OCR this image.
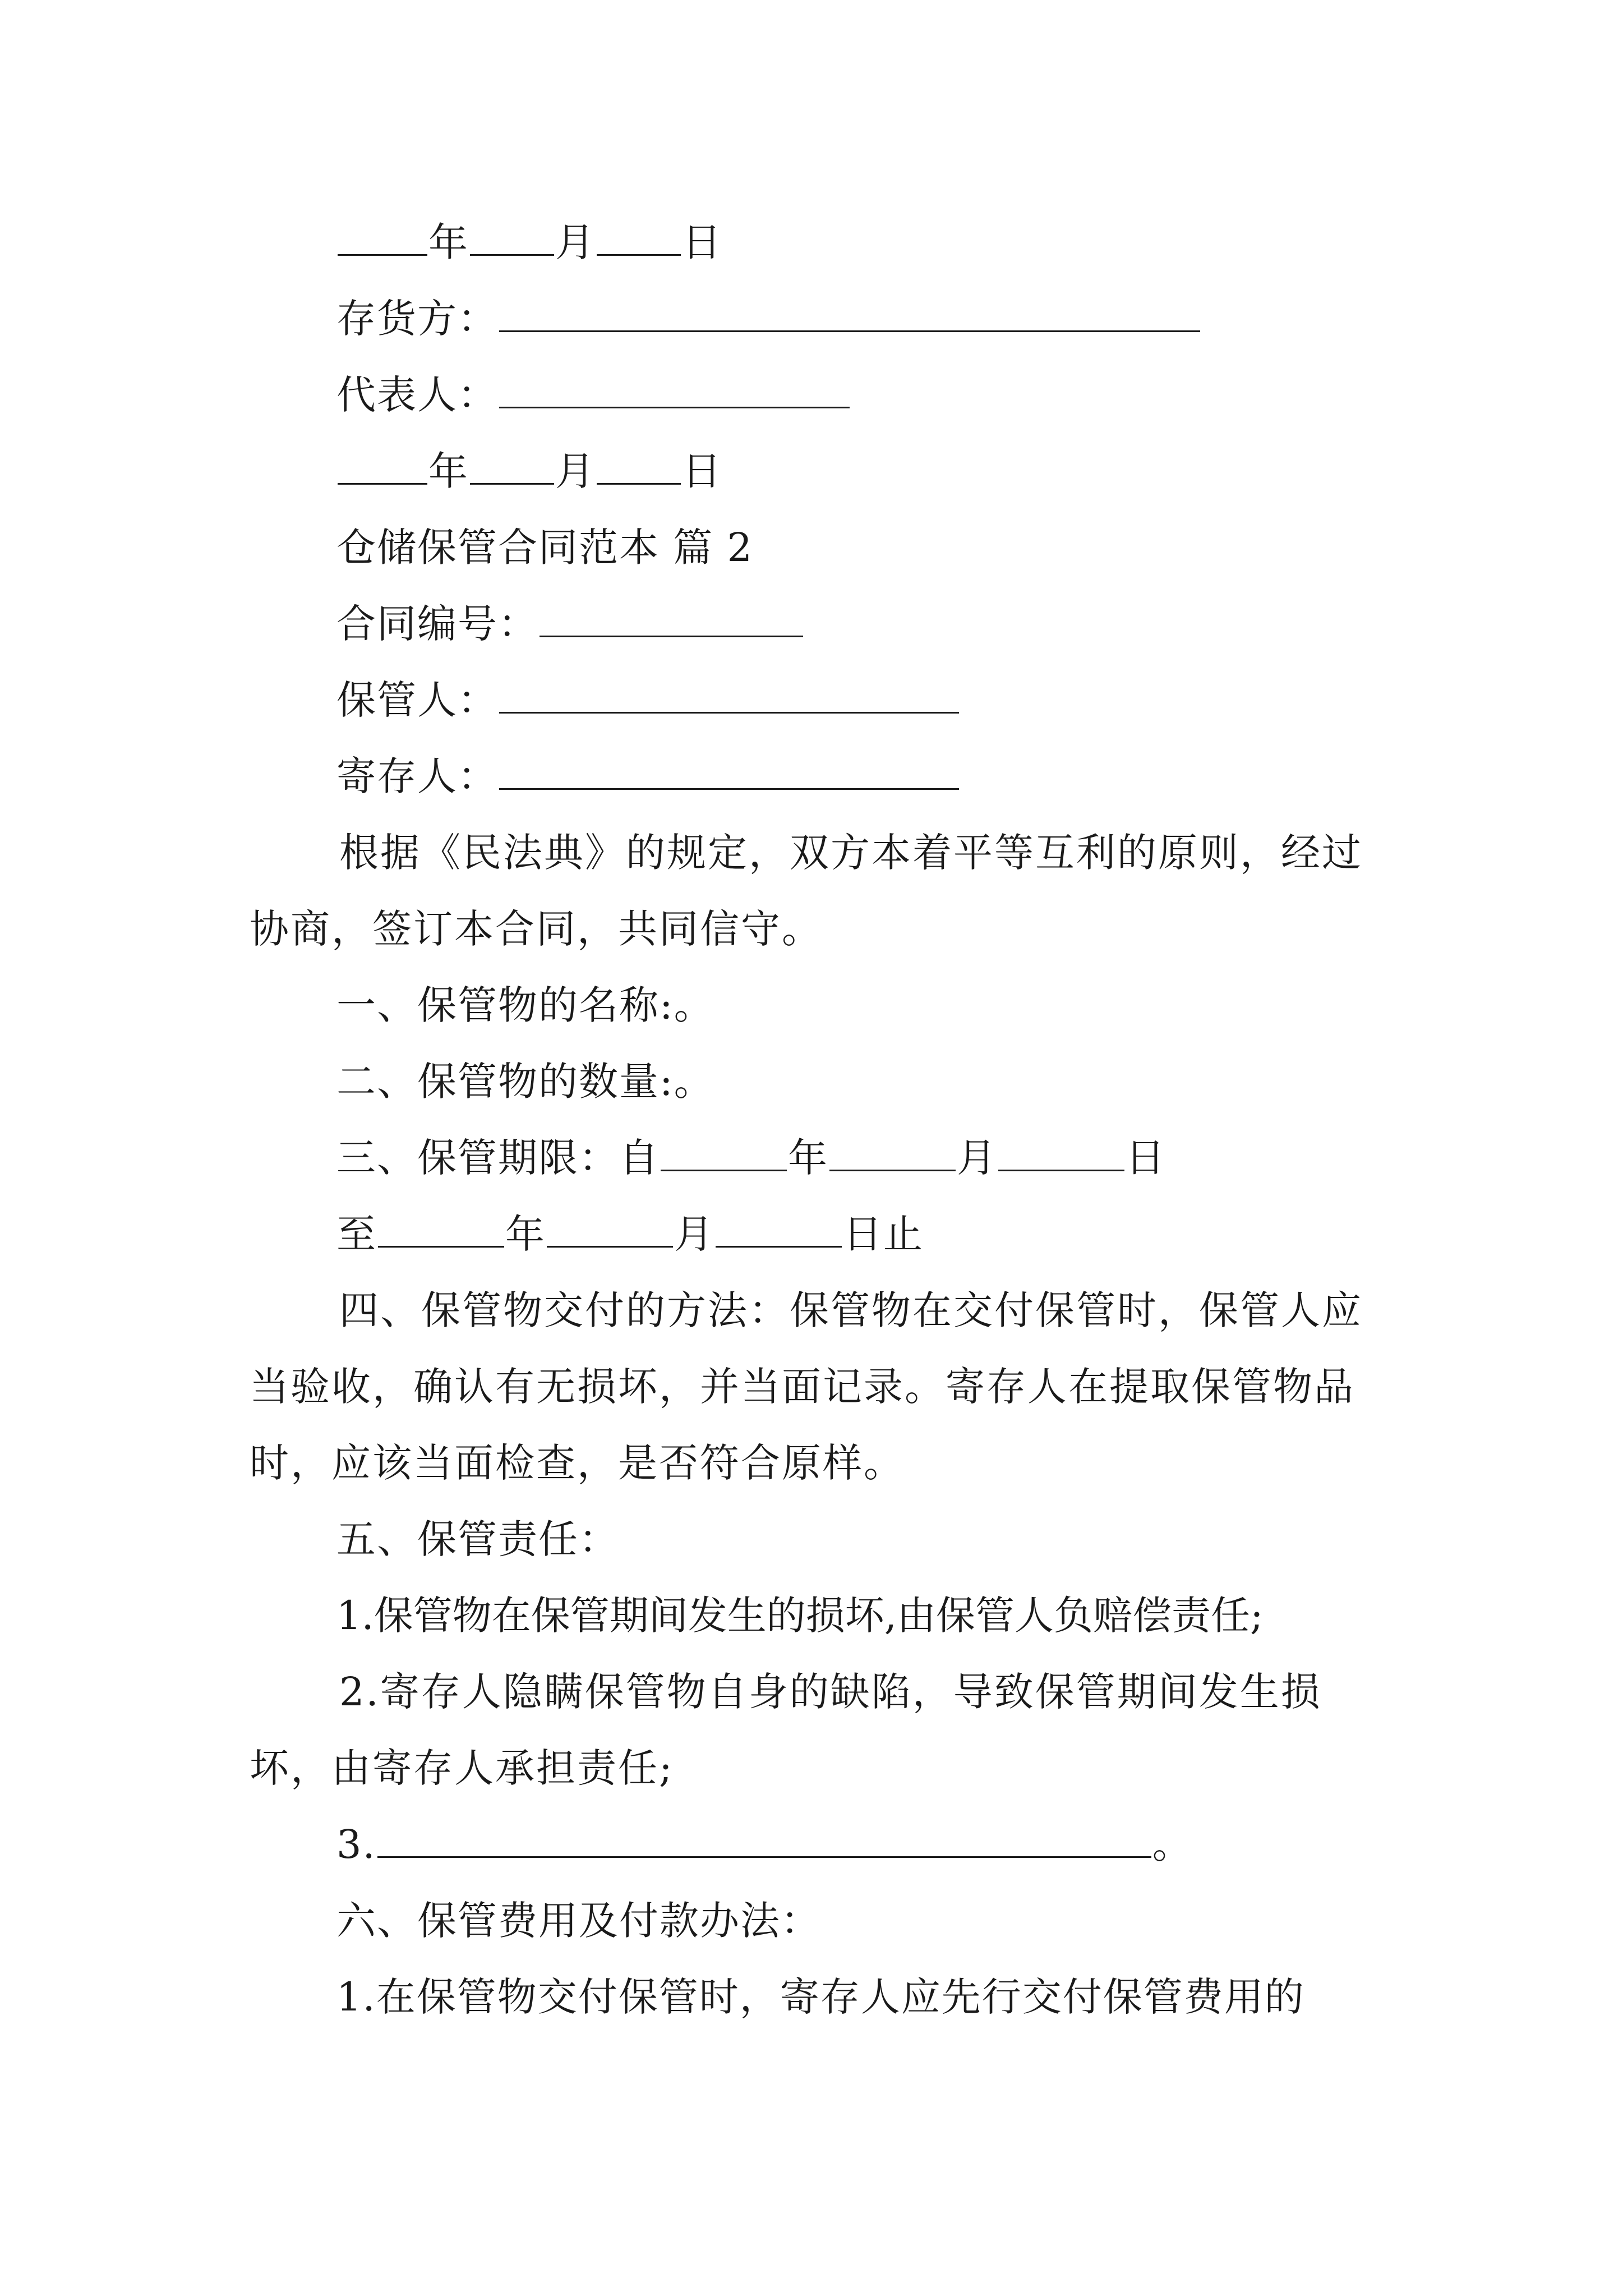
年 月 日
存货方：
代表人：
年 月 日
仓储保管合同范本 篇 2
合同编号：
保管人：
寄存人：
根据《民法典》的规定，双方本着平等互利的原则，经过协商，签订本合同，共同信守。
一、保管物的名称:。
二、保管物的数量:。
三、保管期限：自	年	月	日
至	年	月	日止
四、保管物交付的方法：保管物在交付保管时，保管人应当验收，确认有无损坏，并当面记录。寄存人在提取保管物品时，应该当面检查，是否符合原样。
五、保管责任：
1.保管物在保管期间发生的损坏,由保管人负赔偿责任;
2.寄存人隐瞒保管物自身的缺陷，导致保管期间发生损坏，由寄存人承担责任;
3.	。
六、保管费用及付款办法：
1.在保管物交付保管时，寄存人应先行交付保管费用的
